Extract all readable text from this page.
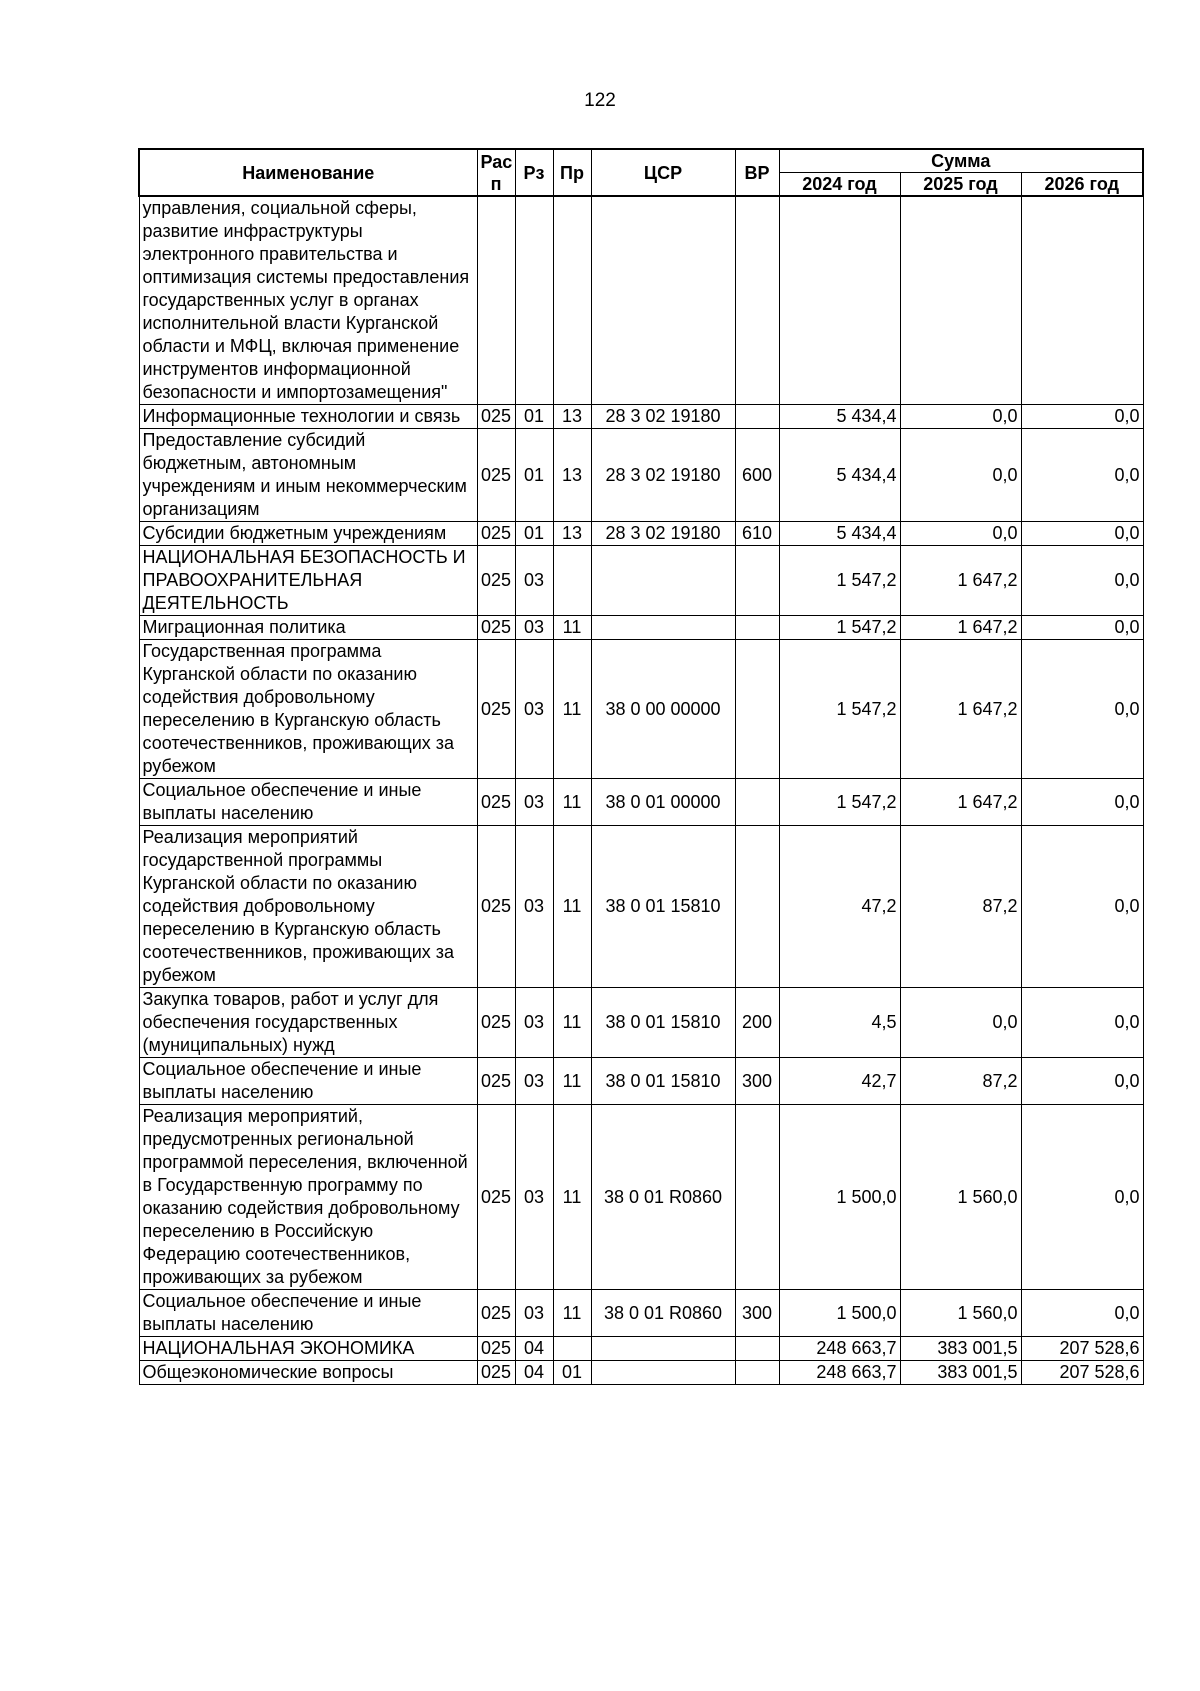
122
Наименование	Рас п	Рз	Пр	ЦСР	ВР	Сумма		
						2024 год	2025 год	2026 год
управления, социальной сферы, развитие инфраструктуры электронного правительства и оптимизация системы предоставления государственных услуг в органах исполнительной власти Курганской области и МФЦ, включая применение инструментов информационной безопасности и импортозамещения"								
Информационные технологии и связь	025	01	13	28 3 02 19180		5 434,4	0,0	0,0
Предоставление субсидий бюджетным, автономным учреждениям и иным некоммерческим организациям	025	01	13	28 3 02 19180	600	5 434,4	0,0	0,0
Субсидии бюджетным учреждениям	025	01	13	28 3 02 19180	610	5 434,4	0,0	0,0
НАЦИОНАЛЬНАЯ БЕЗОПАСНОСТЬ И ПРАВООХРАНИТЕЛЬНАЯ ДЕЯТЕЛЬНОСТЬ	025	03				1 547,2	1 647,2	0,0
Миграционная политика	025	03	11			1 547,2	1 647,2	0,0
Государственная программа Курганской области по оказанию содействия добровольному переселению в Курганскую область соотечественников, проживающих за рубежом	025	03	11	38 0 00 00000		1 547,2	1 647,2	0,0
Социальное обеспечение и иные выплаты населению	025	03	11	38 0 01 00000		1 547,2	1 647,2	0,0
Реализация мероприятий государственной программы Курганской области по оказанию содействия добровольному переселению в Курганскую область соотечественников, проживающих за рубежом	025	03	11	38 0 01 15810		47,2	87,2	0,0
Закупка товаров, работ и услуг для обеспечения государственных (муниципальных) нужд	025	03	11	38 0 01 15810	200	4,5	0,0	0,0
Социальное обеспечение и иные выплаты населению	025	03	11	38 0 01 15810	300	42,7	87,2	0,0
Реализация мероприятий, предусмотренных региональной программой переселения, включенной в Государственную программу по оказанию содействия добровольному переселению в Российскую Федерацию соотечественников, проживающих за рубежом	025	03	11	38 0 01 R0860		1 500,0	1 560,0	0,0
Социальное обеспечение и иные выплаты населению	025	03	11	38 0 01 R0860	300	1 500,0	1 560,0	0,0
НАЦИОНАЛЬНАЯ ЭКОНОМИКА	025	04				248 663,7	383 001,5	207 528,6
Общеэкономические вопросы	025	04	01			248 663,7	383 001,5	207 528,6
